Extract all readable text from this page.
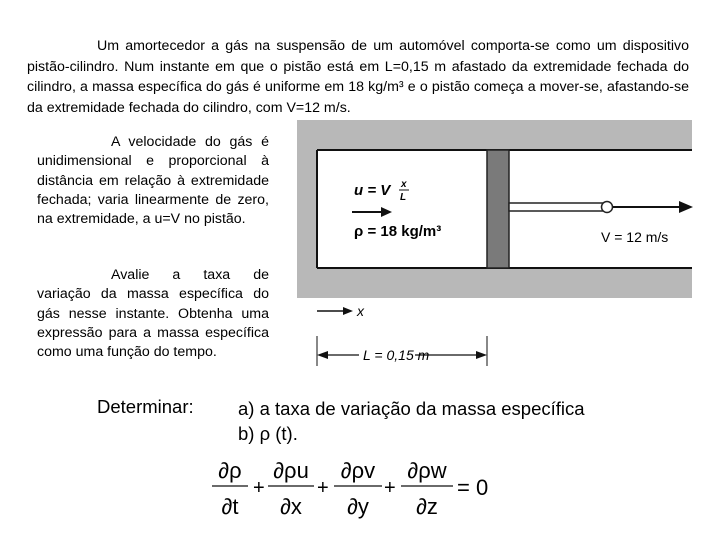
Um amortecedor a gás na suspensão de um automóvel comporta-se como um dispositivo pistão-cilindro. Num instante em que o pistão está em L=0,15 m afastado da extremidade fechada do cilindro, a massa específica do gás é uniforme em 18 kg/m³ e o pistão começa a mover-se, afastando-se da extremidade fechada do cilindro, com V=12 m/s.
A velocidade do gás é unidimensional e proporcional à distância em relação à extremidade fechada; varia linearmente de zero, na extremidade, a u=V no pistão.
Avalie a taxa de variação da massa específica do gás nesse instante. Obtenha uma expressão para a massa específica como uma função do tempo.
V = 12 m/s
u = V x
L
ρ = 18 kg/m³
x
L = 0,15 m
Determinar: a) a taxa de variação da massa específica
b) ρ (t).
∂ρ
∂t
+
∂ρu
∂x
+
∂ρv
∂y
+
∂ρw
∂z
= 0
